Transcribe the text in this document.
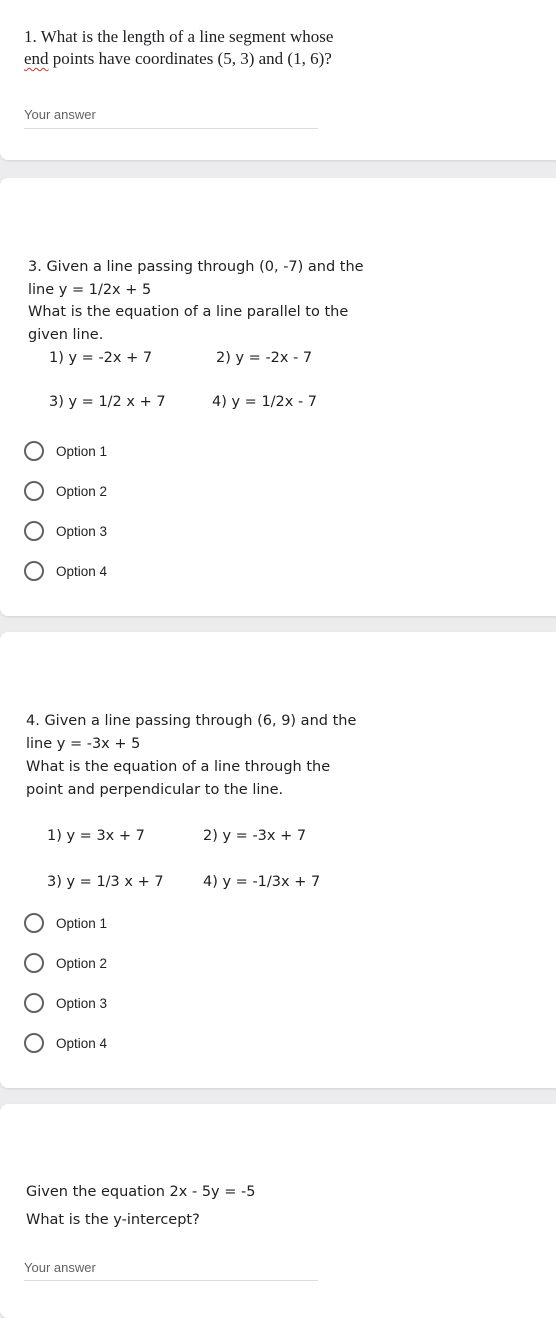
1. What is the length of a line segment whose
end points have coordinates (5, 3) and (1, 6)?
Your answer
3. Given a line passing through (0, -7) and the
line y = 1/2x + 5
What is the equation of a line parallel to the
given line.
1) y = -2x + 7	2) y = -2x - 7
3) y = 1/2 x + 7	4) y = 1/2x - 7
Option 1
Option 2
Option 3
Option 4
4. Given a line passing through (6, 9) and the
line y = -3x + 5
What is the equation of a line through the
point and perpendicular to the line.
1) y = 3x + 7	2) y = -3x + 7
3) y = 1/3 x + 7	4) y = -1/3x + 7
Option 1
Option 2
Option 3
Option 4
Given the equation 2x - 5y = -5
What is the y-intercept?
Your answer
